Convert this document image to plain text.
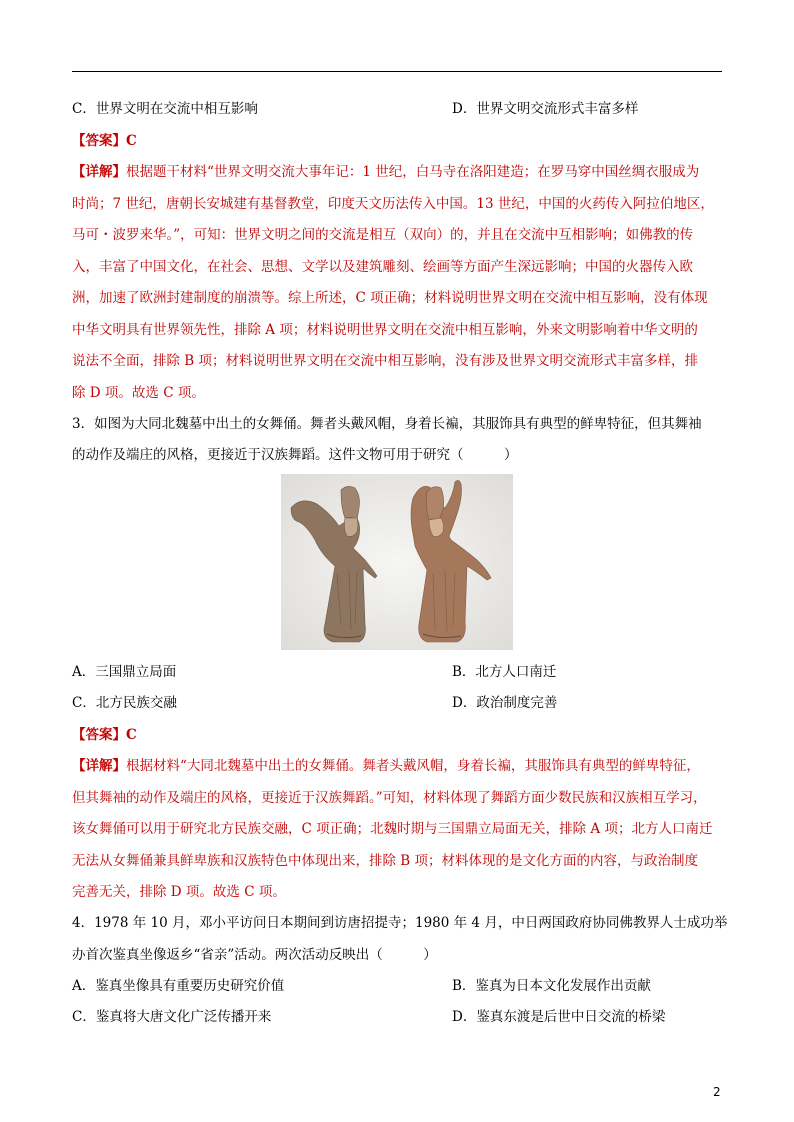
C．世界文明在交流中相互影响	D．世界文明交流形式丰富多样
【答案】C
【详解】根据题干材料“世界文明交流大事年记：1 世纪，白马寺在洛阳建造；在罗马穿中国丝绸衣服成为
时尚；7 世纪，唐朝长安城建有基督教堂，印度天文历法传入中国。13 世纪，中国的火药传入阿拉伯地区，
马可・波罗来华。”，可知：世界文明之间的交流是相互（双向）的，并且在交流中互相影响；如佛教的传
入，丰富了中国文化，在社会、思想、文学以及建筑雕刻、绘画等方面产生深远影响；中国的火器传入欧
洲，加速了欧洲封建制度的崩溃等。综上所述，C 项正确；材料说明世界文明在交流中相互影响，没有体现
中华文明具有世界领先性，排除 A 项；材料说明世界文明在交流中相互影响，外来文明影响着中华文明的
说法不全面，排除 B 项；材料说明世界文明在交流中相互影响，没有涉及世界文明交流形式丰富多样，排
除 D 项。故选 C 项。
3．如图为大同北魏墓中出土的女舞俑。舞者头戴风帽，身着长褊，其服饰具有典型的鲜卑特征，但其舞袖
的动作及端庄的风格，更接近于汉族舞蹈。这件文物可用于研究（　　　）
A．三国鼎立局面	B．北方人口南迁
C．北方民族交融	D．政治制度完善
【答案】C
【详解】根据材料“大同北魏墓中出土的女舞俑。舞者头戴风帽，身着长褊，其服饰具有典型的鲜卑特征，
但其舞袖的动作及端庄的风格，更接近于汉族舞蹈。”可知，材料体现了舞蹈方面少数民族和汉族相互学习，
该女舞俑可以用于研究北方民族交融，C 项正确；北魏时期与三国鼎立局面无关，排除 A 项；北方人口南迁
无法从女舞俑兼具鲜卑族和汉族特色中体现出来，排除 B 项；材料体现的是文化方面的内容，与政治制度
完善无关，排除 D 项。故选 C 项。
4．1978 年 10 月，邓小平访问日本期间到访唐招提寺；1980 年 4 月，中日两国政府协同佛教界人士成功举
办首次鉴真坐像返乡“省亲”活动。两次活动反映出（　　　）
A．鉴真坐像具有重要历史研究价值	B．鉴真为日本文化发展作出贡献
C．鉴真将大唐文化广泛传播开来	D．鉴真东渡是后世中日交流的桥梁
2
